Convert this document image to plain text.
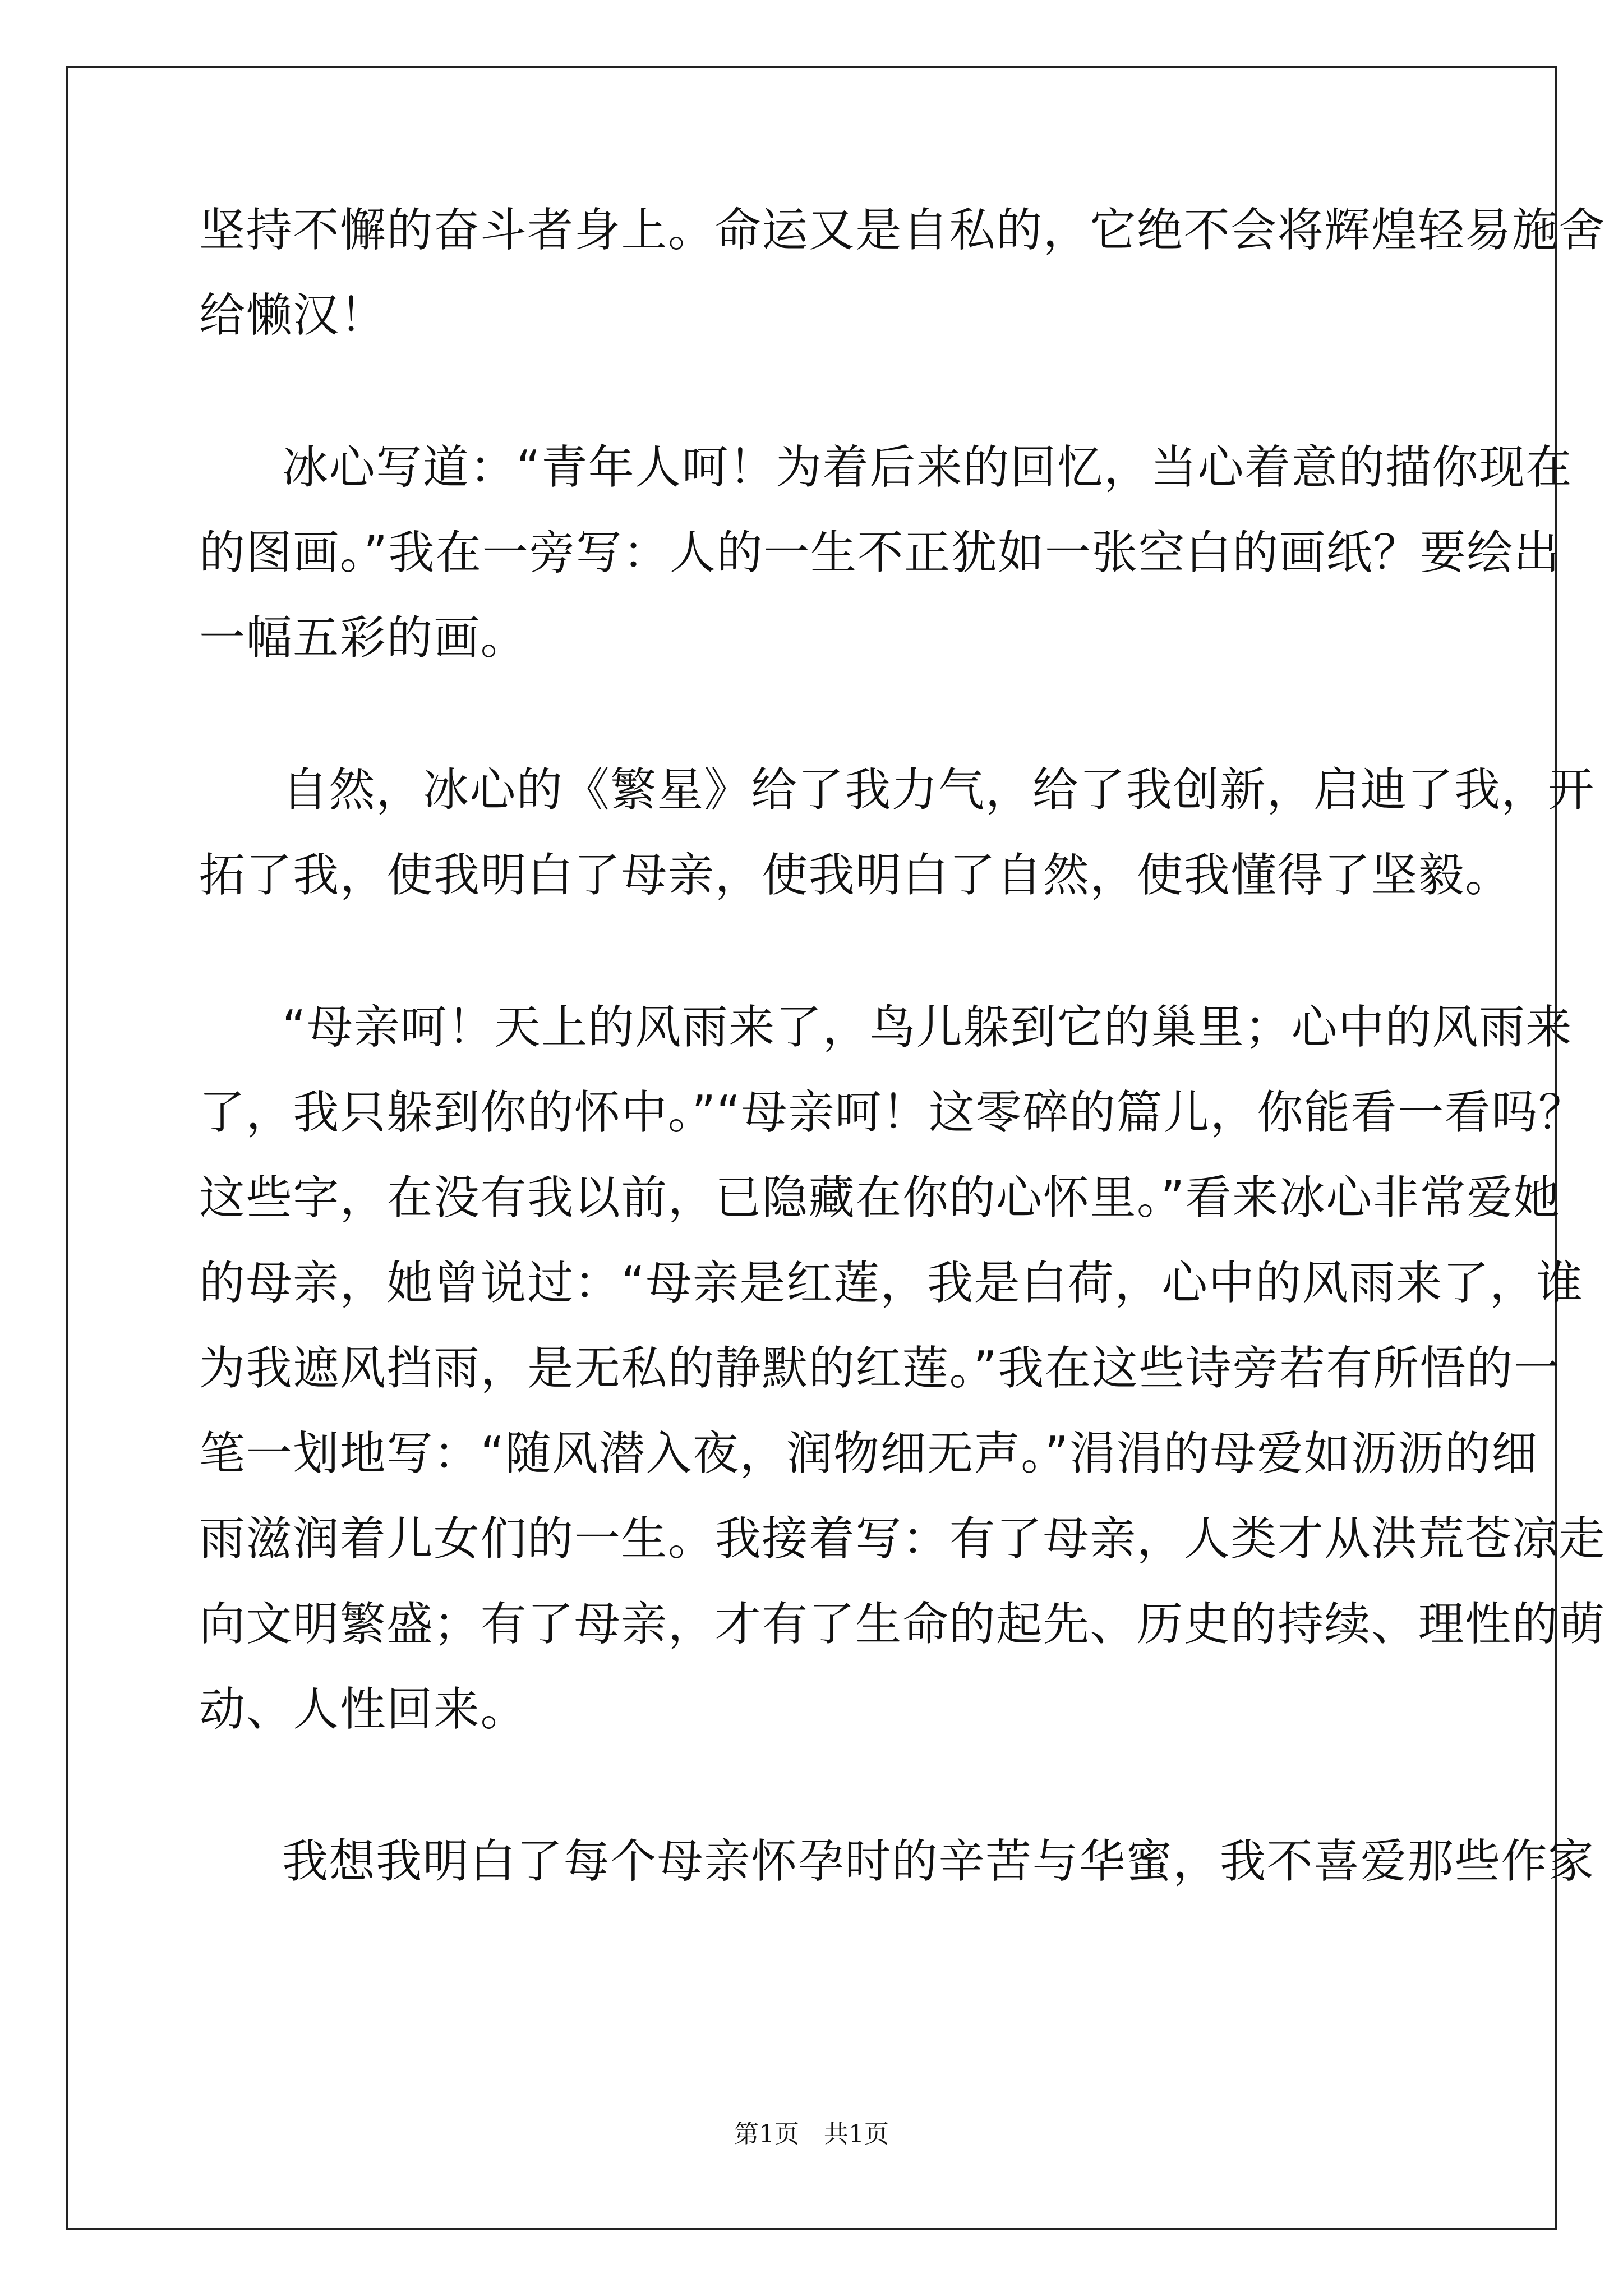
坚持不懈的奋斗者身上。命运又是自私的，它绝不会将辉煌轻易施舍
给懒汉！
冰心写道：“青年人呵！为着后来的回忆，当心着意的描你现在
的图画。”我在一旁写：人的一生不正犹如一张空白的画纸？要绘出
一幅五彩的画。
自然，冰心的《繁星》给了我力气，给了我创新，启迪了我，开
拓了我，使我明白了母亲，使我明白了自然，使我懂得了坚毅。
“母亲呵！天上的风雨来了，鸟儿躲到它的巢里；心中的风雨来
了，我只躲到你的怀中。”“母亲呵！这零碎的篇儿，你能看一看吗？
这些字，在没有我以前，已隐藏在你的心怀里。”看来冰心非常爱她
的母亲，她曾说过：“母亲是红莲，我是白荷，心中的风雨来了，谁
为我遮风挡雨，是无私的静默的红莲。”我在这些诗旁若有所悟的一
笔一划地写：“随风潜入夜，润物细无声。”涓涓的母爱如沥沥的细
雨滋润着儿女们的一生。我接着写：有了母亲，人类才从洪荒苍凉走
向文明繁盛；有了母亲，才有了生命的起先、历史的持续、理性的萌
动、人性回来。
我想我明白了每个母亲怀孕时的辛苦与华蜜，我不喜爱那些作家
第1页 共1页
